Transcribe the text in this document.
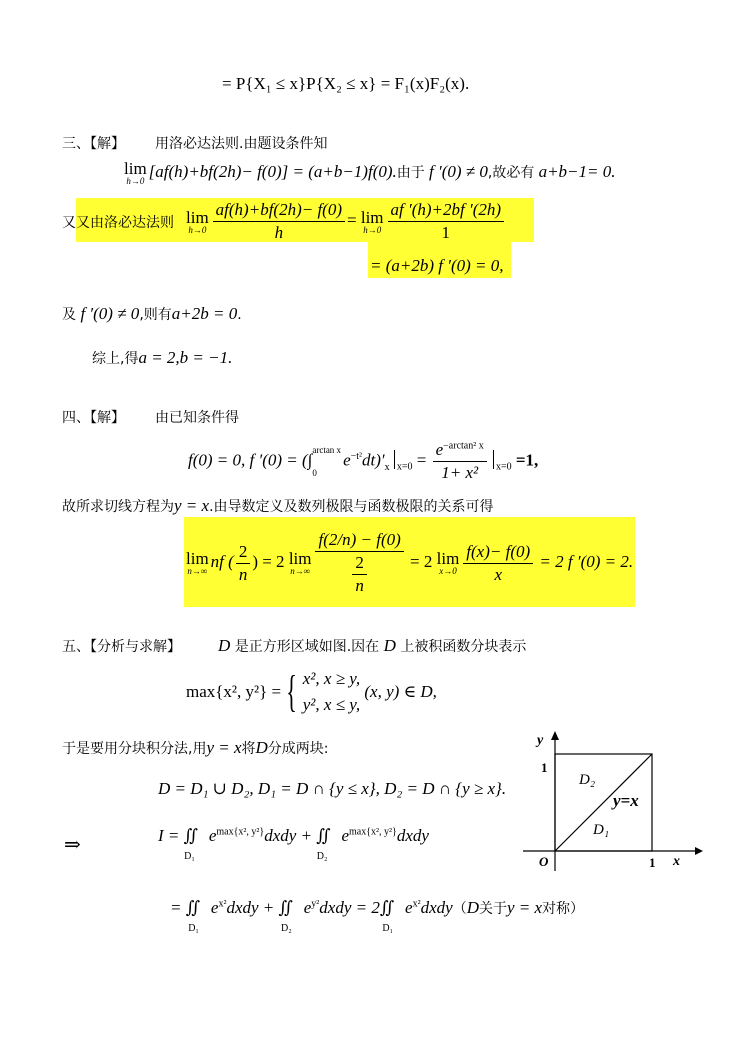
= P{X₁ ≤ x}P{X₂ ≤ x} = F₁(x)F₂(x).
三、【解】 用洛必达法则.由题设条件知
lim
h→0
[af(h)+bf(2h)− f(0)] = (a+b−1)f(0).由于 f ′(0) ≠ 0,故必有 a+b−1= 0.
又又由洛必达法则 lim
$h\to 0 \frac{af(h)+bf(2h)- f(0)}{h} = \lim$
$h\to 0 \frac{af '(h)+2bf '(2h)}{1}$
= (a+2b) f ′(0) = 0,
及 f ′(0) ≠ 0,则有a+2b = 0.
综上,得a = 2,b = −1.
四、【解】 由已知条件得
f(0) = 0, f ′(0) = (∫
arctan x
0
$e^{-t^2}dt)'_x$ $_{x=0} = \frac{e^{-arctan^2 x}}{\text{1+ x²}} _{x=0} =1$,
故所求切线方程为y = x.由导数定义及数列极限与函数极限的关系可得
lim
n→∞
nf ( $\frac{2}{n}$ ) = 2 lim
$n\to\infty \frac{f(2/n) - f(0)}{\frac{2}{n}} = 2$ lim
$x\to 0 \frac{f(x)- f(0)}{x} = 2$ f ′(0) = 2.
五、【分析与求解】 D 是正方形区域如图.因在 D 上被积函数分块表示
max{x², y²} = { x², x ≥ y,
y², x ≤ y,
(x, y) ∈ D,
于是要用分块积分法,用y = x将D分成两块:
D = D₁ ∪ D₂, D₁ = D ∩ {y ≤ x}, D₂ = D ∩ {y ≥ x}.
⇒	$I = ∬_{D_1}e^{max\{x^2, y^2\}}dxdy$ + $∬_{D_2}e^{max\{x^2, y^2\}}dxdy$
= $∬_{D_1}e^{x^2}dxdy$ + $∬_{D_2}e^{y^2}dxdy$ = $2∬_{D_1}e^{x^2}dxdy(D$关于y = x对称）
y
x
O
1
1
D₂
y=x
D₁
